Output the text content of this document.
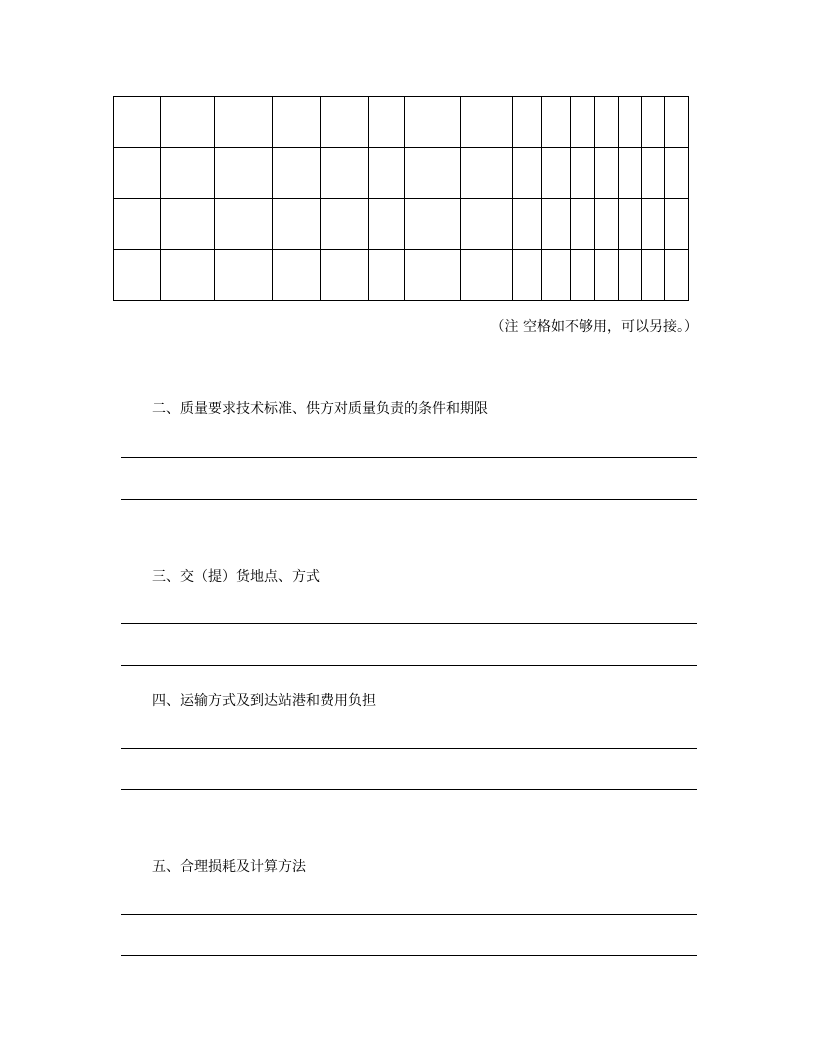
（注 空格如不够用，可以另接。）
二、质量要求技术标准、供方对质量负责的条件和期限
三、交（提）货地点、方式
四、运输方式及到达站港和费用负担
五、合理损耗及计算方法
